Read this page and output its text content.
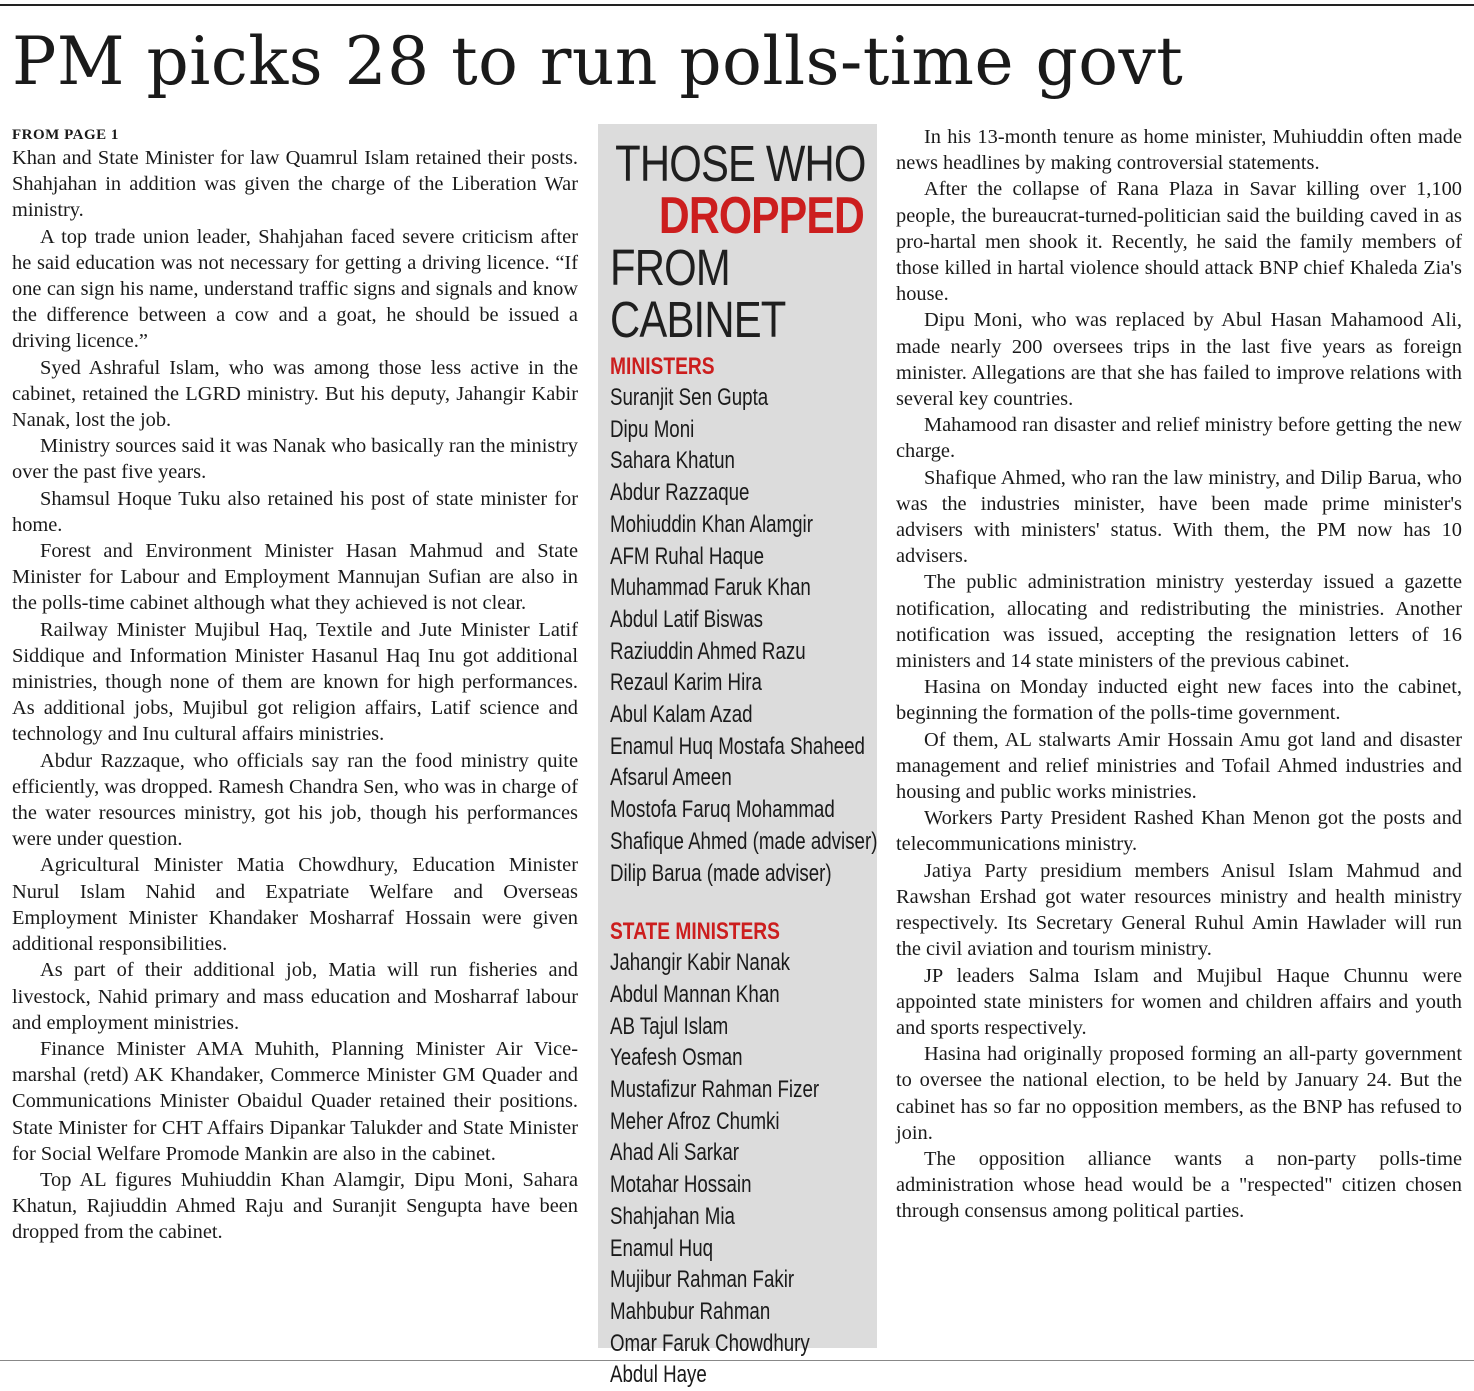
PM picks 28 to run polls-time govt
FROM PAGE 1

Khan and State Minister for law Quamrul Islam retained their posts. Shahjahan in addition was given the charge of the Liberation War ministry.

A top trade union leader, Shahjahan faced severe criticism after he said education was not necessary for getting a driving licence. “If one can sign his name, understand traffic signs and signals and know the difference between a cow and a goat, he should be issued a driving licence.”

Syed Ashraful Islam, who was among those less active in the cabinet, retained the LGRD ministry. But his deputy, Jahangir Kabir Nanak, lost the job.

Ministry sources said it was Nanak who basically ran the ministry over the past five years.

Shamsul Hoque Tuku also retained his post of state minister for home.

Forest and Environment Minister Hasan Mahmud and State Minister for Labour and Employment Mannujan Sufian are also in the polls-time cabinet although what they achieved is not clear.

Railway Minister Mujibul Haq, Textile and Jute Minister Latif Siddique and Information Minister Hasanul Haq Inu got additional ministries, though none of them are known for high performances. As additional jobs, Mujibul got religion affairs, Latif science and technology and Inu cultural affairs ministries.

Abdur Razzaque, who officials say ran the food ministry quite efficiently, was dropped. Ramesh Chandra Sen, who was in charge of the water resources ministry, got his job, though his performances were under question.

Agricultural Minister Matia Chowdhury, Education Minister Nurul Islam Nahid and Expatriate Welfare and Overseas Employment Minister Khandaker Mosharraf Hossain were given additional responsibilities.

As part of their additional job, Matia will run fisheries and livestock, Nahid primary and mass education and Mosharraf labour and employment ministries.

Finance Minister AMA Muhith, Planning Minister Air Vice-marshal (retd) AK Khandaker, Commerce Minister GM Quader and Communications Minister Obaidul Quader retained their positions. State Minister for CHT Affairs Dipankar Talukder and State Minister for Social Welfare Promode Mankin are also in the cabinet.

Top AL figures Muhiuddin Khan Alamgir, Dipu Moni, Sahara Khatun, Rajiuddin Ahmed Raju and Suranjit Sengupta have been dropped from the cabinet.

THOSE WHO
DROPPED
FROM CABINET
MINISTERS
Suranjit Sen Gupta
Dipu Moni
Sahara Khatun
Abdur Razzaque
Mohiuddin Khan Alamgir
AFM Ruhal Haque
Muhammad Faruk Khan
Abdul Latif Biswas
Raziuddin Ahmed Razu
Rezaul Karim Hira
Abul Kalam Azad
Enamul Huq Mostafa Shaheed
Afsarul Ameen
Mostofa Faruq Mohammad
Shafique Ahmed (made adviser)
Dilip Barua (made adviser)
STATE MINISTERS
Jahangir Kabir Nanak
Abdul Mannan Khan
AB Tajul Islam
Yeafesh Osman
Mustafizur Rahman Fizer
Meher Afroz Chumki
Ahad Ali Sarkar
Motahar Hossain
Shahjahan Mia
Enamul Huq
Mujibur Rahman Fakir
Mahbubur Rahman
Omar Faruk Chowdhury
Abdul Haye

In his 13-month tenure as home minister, Muhiuddin often made news headlines by making controversial statements.

After the collapse of Rana Plaza in Savar killing over 1,100 people, the bureaucrat-turned-politician said the building caved in as pro-hartal men shook it. Recently, he said the family members of those killed in hartal violence should attack BNP chief Khaleda Zia's house.

Dipu Moni, who was replaced by Abul Hasan Mahamood Ali, made nearly 200 oversees trips in the last five years as foreign minister. Allegations are that she has failed to improve relations with several key countries.

Mahamood ran disaster and relief ministry before getting the new charge.

Shafique Ahmed, who ran the law ministry, and Dilip Barua, who was the industries minister, have been made prime minister's advisers with ministers' status. With them, the PM now has 10 advisers.

The public administration ministry yesterday issued a gazette notification, allocating and redistributing the ministries. Another notification was issued, accepting the resignation letters of 16 ministers and 14 state ministers of the previous cabinet.

Hasina on Monday inducted eight new faces into the cabinet, beginning the formation of the polls-time government.

Of them, AL stalwarts Amir Hossain Amu got land and disaster management and relief ministries and Tofail Ahmed industries and housing and public works ministries.

Workers Party President Rashed Khan Menon got the posts and telecommunications ministry.

Jatiya Party presidium members Anisul Islam Mahmud and Rawshan Ershad got water resources ministry and health ministry respectively. Its Secretary General Ruhul Amin Hawlader will run the civil aviation and tourism ministry.

JP leaders Salma Islam and Mujibul Haque Chunnu were appointed state ministers for women and children affairs and youth and sports respectively.

Hasina had originally proposed forming an all-party government to oversee the national election, to be held by January 24. But the cabinet has so far no opposition members, as the BNP has refused to join.

The opposition alliance wants a non-party polls-time administration whose head would be a "respected" citizen chosen through consensus among political parties.
